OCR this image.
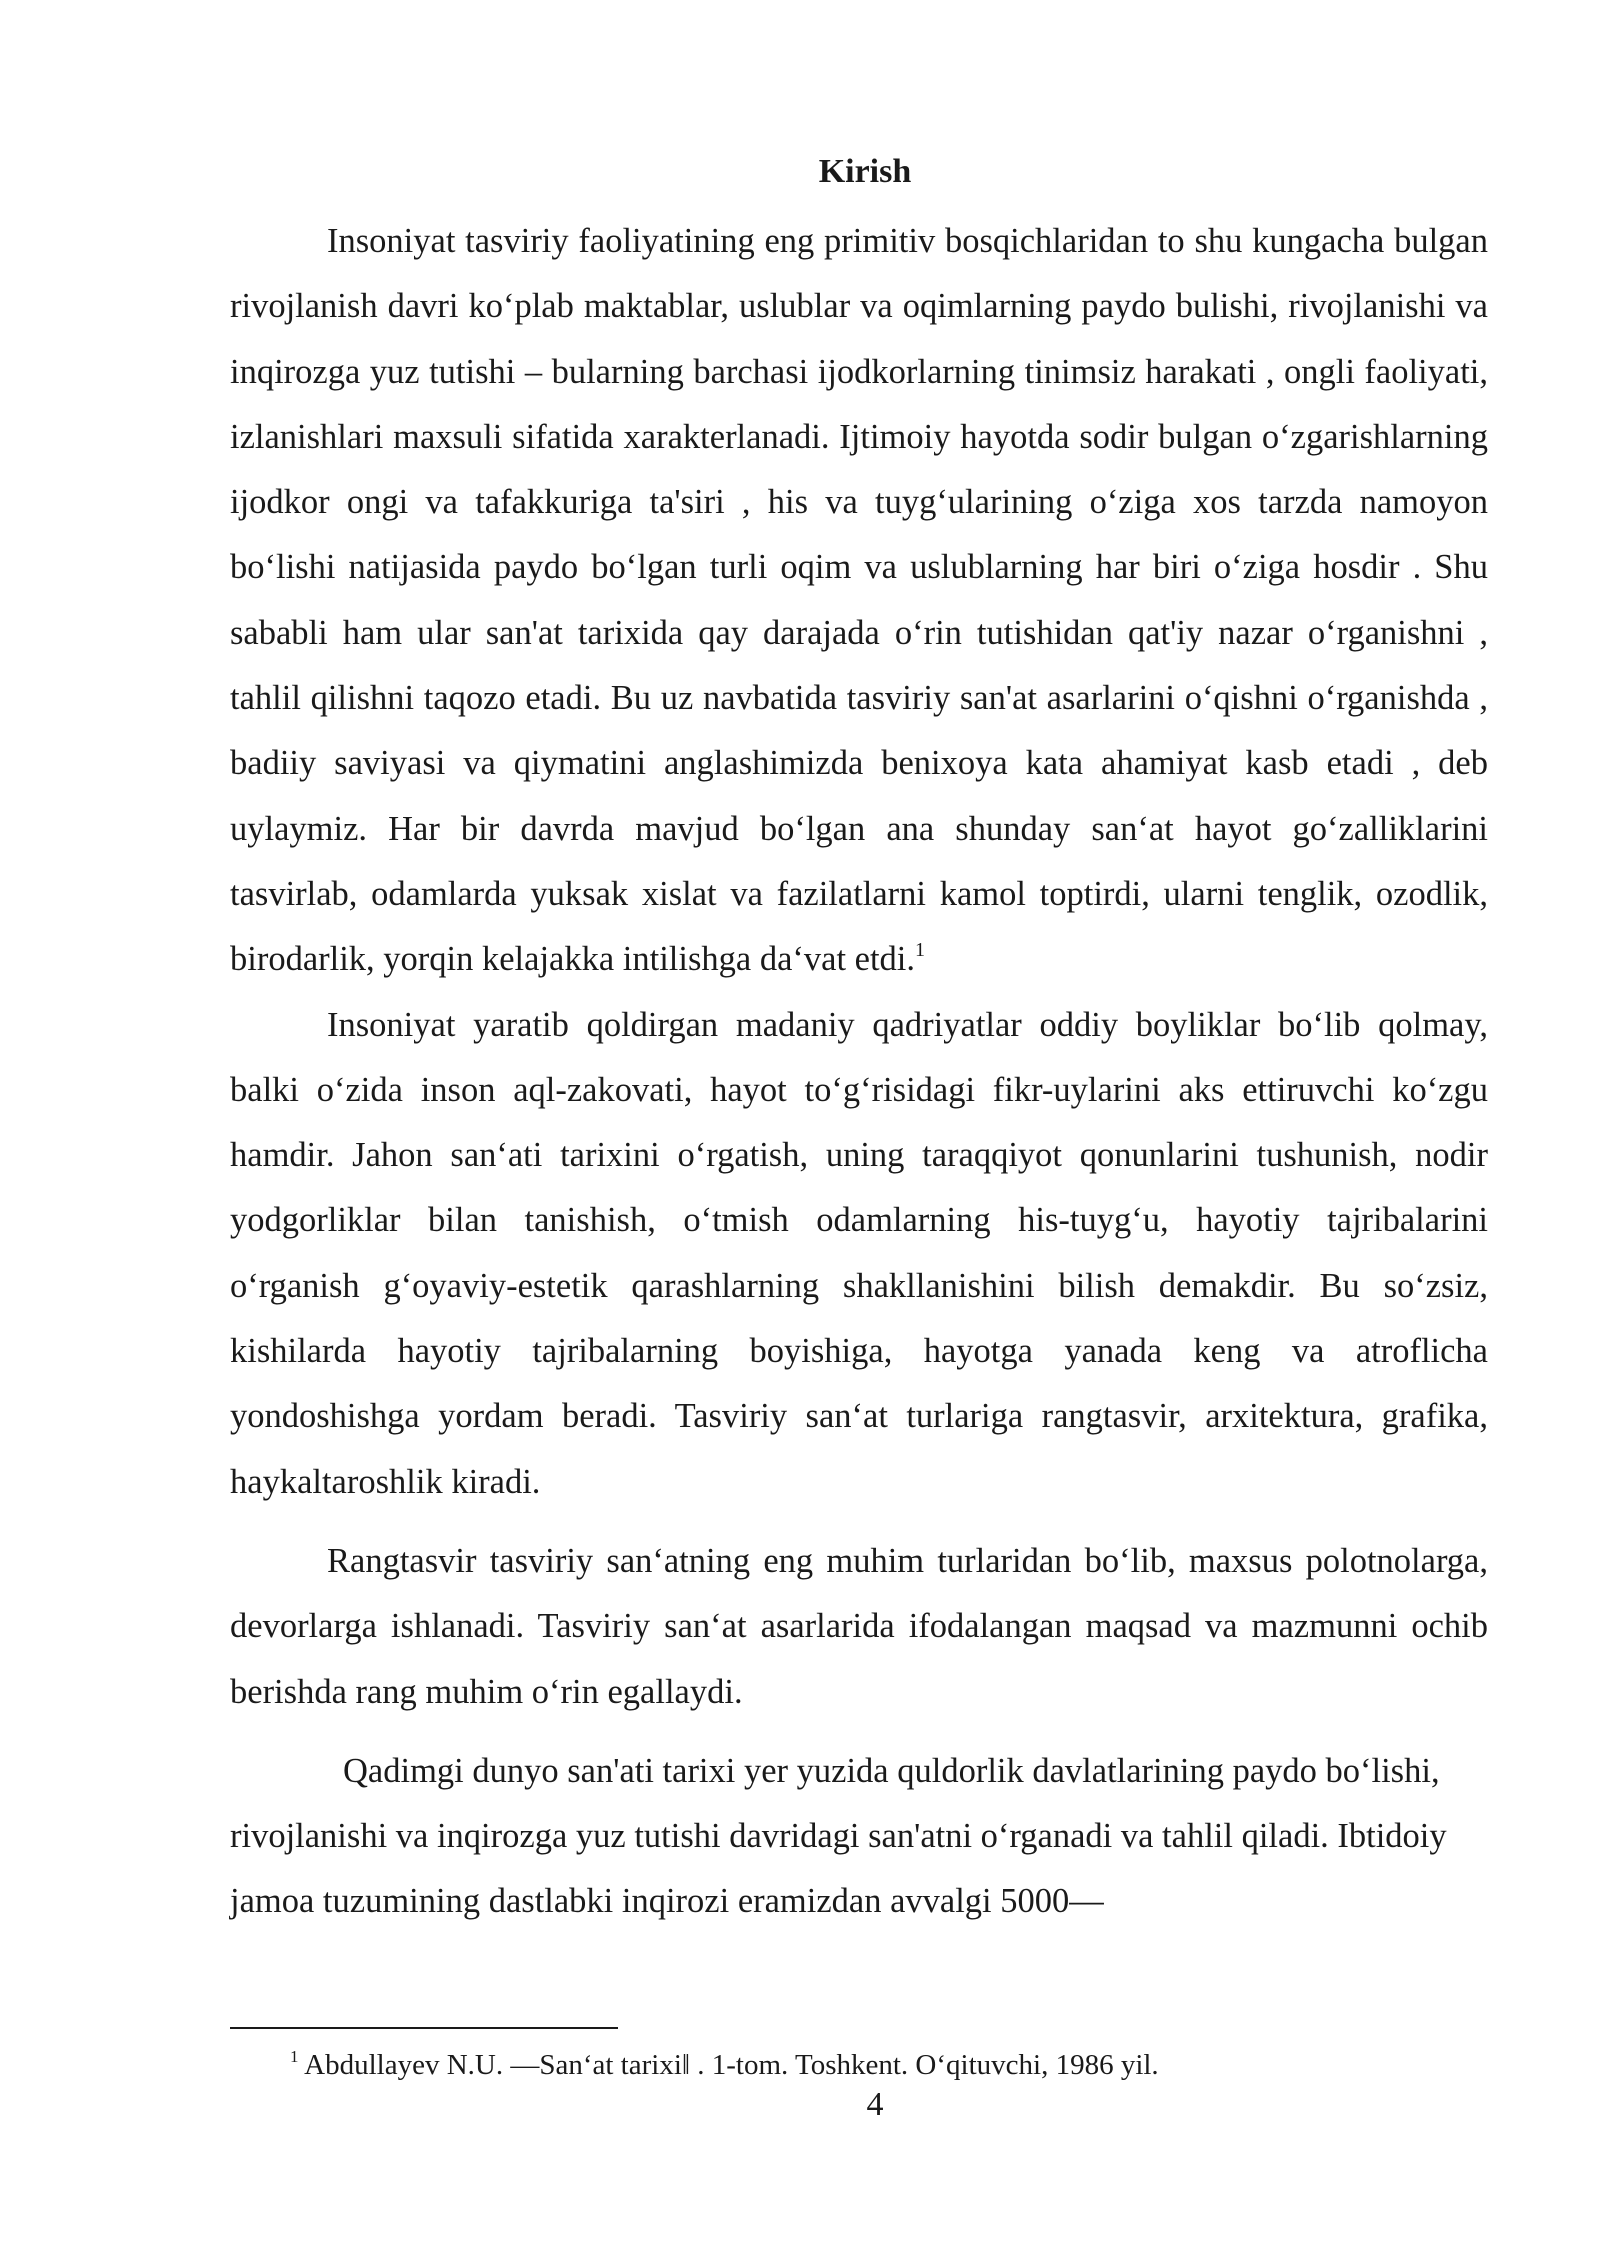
Kirish

Insoniyat tasviriy faoliyatining eng primitiv bosqichlaridan to shu kungacha bulgan rivojlanish davri ko‘plab maktablar, uslublar va oqimlarning paydo bulishi, rivojlanishi va inqirozga yuz tutishi – bularning barchasi ijodkorlarning tinimsiz harakati , ongli faoliyati, izlanishlari maxsuli sifatida xarakterlanadi. Ijtimoiy hayotda sodir bulgan o‘zgarishlarning ijodkor ongi va tafakkuriga ta'siri , his va tuyg‘ularining o‘ziga xos tarzda namoyon bo‘lishi natijasida paydo bo‘lgan turli oqim va uslublarning har biri o‘ziga hosdir . Shu sababli ham ular san'at tarixida qay darajada o‘rin tutishidan qat'iy nazar o‘rganishni , tahlil qilishni taqozo etadi. Bu uz navbatida tasviriy san'at asarlarini o‘qishni o‘rganishda , badiiy saviyasi va qiymatini anglashimizda benixoya kata ahamiyat kasb etadi , deb uylaymiz. Har bir davrda mavjud bo‘lgan ana shunday san‘at hayot go‘zalliklarini tasvirlab, odamlarda yuksak xislat va fazilatlarni kamol toptirdi, ularni tenglik, ozodlik, birodarlik, yorqin kelajakka intilishga da‘vat etdi.$^1$

Insoniyat yaratib qoldirgan madaniy qadriyatlar oddiy boyliklar bo‘lib qolmay, balki o‘zida inson aql-zakovati, hayot to‘g‘risidagi fikr-uylarini aks ettiruvchi ko‘zgu hamdir. Jahon san‘ati tarixini o‘rgatish, uning taraqqiyot qonunlarini tushunish, nodir yodgorliklar bilan tanishish, o‘tmish odamlarning his-tuyg‘u, hayotiy tajribalarini o‘rganish g‘oyaviy-estetik qarashlarning shakllanishini bilish demakdir. Bu so‘zsiz, kishilarda hayotiy tajribalarning boyishiga, hayotga yanada keng va atroflicha yondoshishga yordam beradi. Tasviriy san‘at turlariga rangtasvir, arxitektura, grafika, haykaltaroshlik kiradi.

Rangtasvir tasviriy san‘atning eng muhim turlaridan bo‘lib, maxsus polotnolarga, devorlarga ishlanadi. Tasviriy san‘at asarlarida ifodalangan maqsad va mazmunni ochib berishda rang muhim o‘rin egallaydi.

Qadimgi dunyo san'ati tarixi yer yuzida quldorlik davlatlarining paydo bo‘lishi, rivojlanishi va inqirozga yuz tutishi davridagi san'atni o‘rganadi va tahlil qiladi. Ibtidoiy jamoa tuzumining dastlabki inqirozi eramizdan avvalgi 5000—

$^1$ Abdullayev N.U. ―San‘at tarixi‖ . 1-tom. Toshkent. O‘qituvchi, 1986 yil.
4
